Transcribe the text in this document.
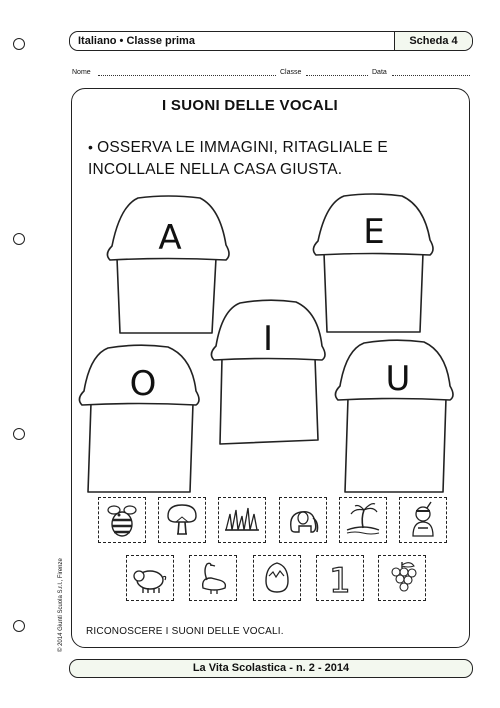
Italiano • Classe prima	Scheda 4
Nome	Classe	Data
I SUONI DELLE VOCALI
• OSSERVA LE IMMAGINI, RITAGLIALE E INCOLLALE NELLA CASA GIUSTA.
A	E
I
O	U
1
RICONOSCERE I SUONI DELLE VOCALI.
© 2014 Giunti Scuola S.r.l., Firenze
La Vita Scolastica - n. 2 - 2014
